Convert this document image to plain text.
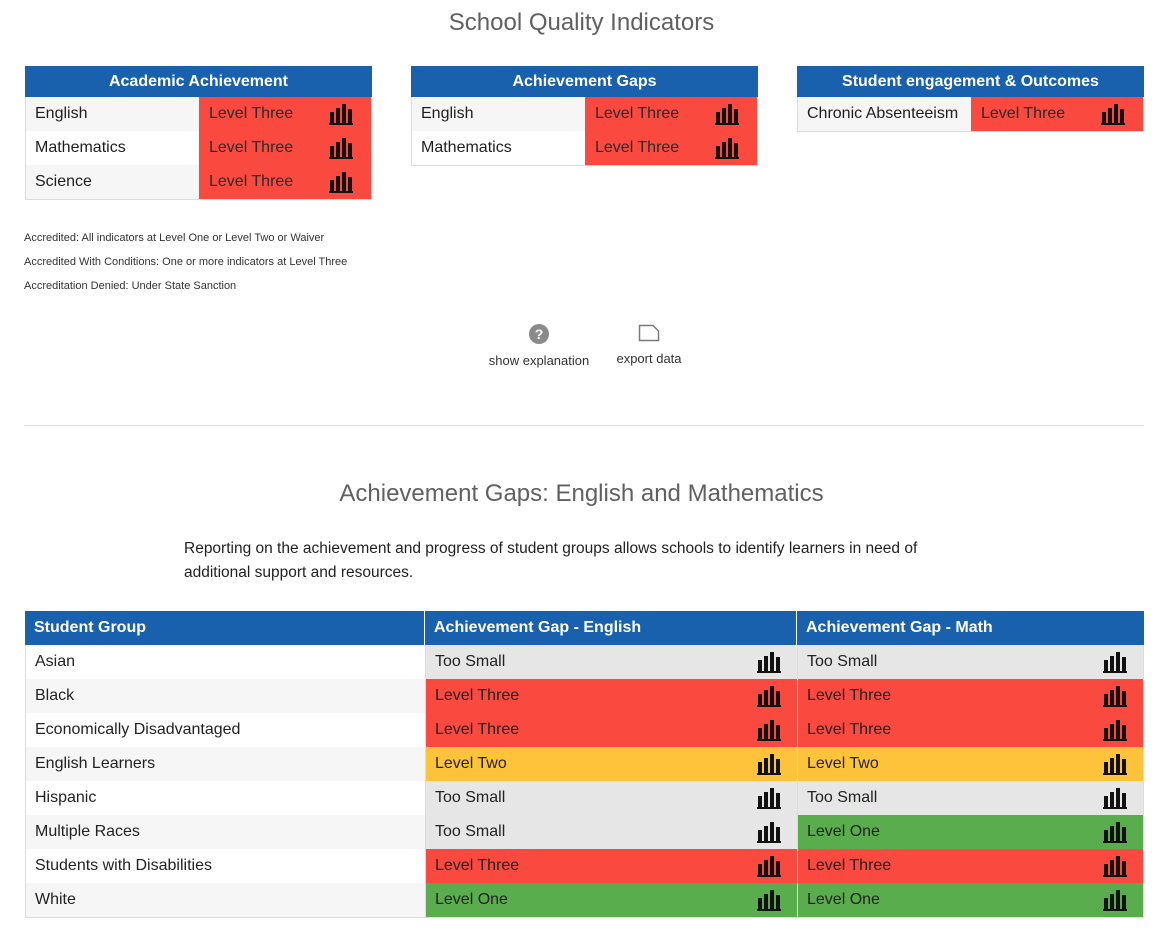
School Quality Indicators
Academic Achievement
English	Level Three
Mathematics	Level Three
Science	Level Three
Achievement Gaps
English	Level Three
Mathematics	Level Three
Student engagement & Outcomes
Chronic Absenteeism	Level Three
Accredited: All indicators at Level One or Level Two or Waiver
Accredited With Conditions: One or more indicators at Level Three
Accreditation Denied: Under State Sanction
?
show explanation	export data
Achievement Gaps: English and Mathematics
Reporting on the achievement and progress of student groups allows schools to identify learners in need of additional support and resources.
Student Group	Achievement Gap - English	Achievement Gap - Math
Asian	Too Small	Too Small
Black	Level Three	Level Three
Economically Disadvantaged	Level Three	Level Three
English Learners	Level Two	Level Two
Hispanic	Too Small	Too Small
Multiple Races	Too Small	Level One
Students with Disabilities	Level Three	Level Three
White	Level One	Level One
